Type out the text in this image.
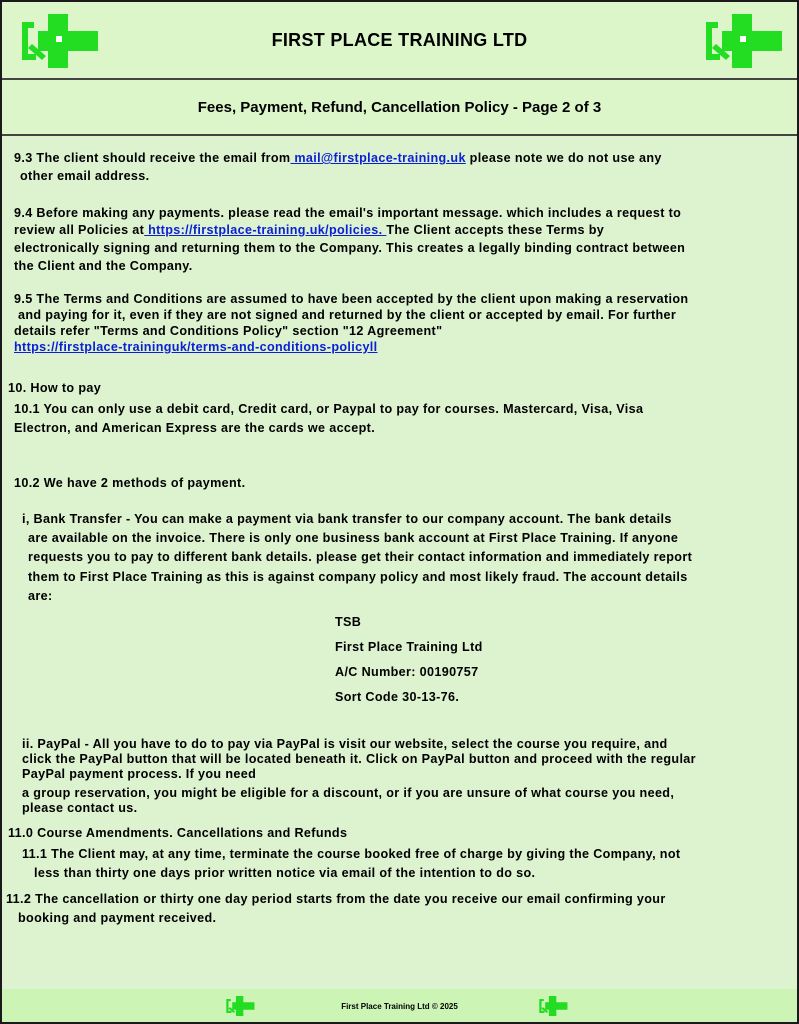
FIRST PLACE TRAINING LTD
Fees, Payment, Refund, Cancellation Policy - Page 2 of 3

9.3 The client should receive the email from mail@firstplace-training.uk please note we do not use any

other email address.

9.4 Before making any payments. please read the email's important message. which includes a request to

review all Policies at https://firstplace-training.uk/policies. The Client accepts these Terms by

electronically signing and returning them to the Company. This creates a legally binding contract between

the Client and the Company.

9.5 The Terms and Conditions are assumed to have been accepted by the client upon making a reservation

and paying for it, even if they are not signed and returned by the client or accepted by email. For further

details refer "Terms and Conditions Policy" section "12 Agreement"

https://firstplace-traininguk/terms-and-conditions-policyll

10. How to pay

10.1 You can only use a debit card, Credit card, or Paypal to pay for courses. Mastercard, Visa, Visa

Electron, and American Express are the cards we accept.

10.2 We have 2 methods of payment.

i, Bank Transfer - You can make a payment via bank transfer to our company account. The bank details

are available on the invoice. There is only one business bank account at First Place Training. If anyone

requests you to pay to different bank details. please get their contact information and immediately report

them to First Place Training as this is against company policy and most likely fraud. The account details

are:

TSB

First Place Training Ltd

A/C Number: 00190757

Sort Code 30-13-76.

ii. PayPal - All you have to do to pay via PayPal is visit our website, select the course you require, and

click the PayPal button that will be located beneath it. Click on PayPal button and proceed with the regular

PayPal payment process. If you need

a group reservation, you might be eligible for a discount, or if you are unsure of what course you need,

please contact us.

11.0 Course Amendments. Cancellations and Refunds

11.1 The Client may, at any time, terminate the course booked free of charge by giving the Company, not

less than thirty one days prior written notice via email of the intention to do so.

11.2 The cancellation or thirty one day period starts from the date you receive our email confirming your

booking and payment received.

First Place Training Ltd © 2025
